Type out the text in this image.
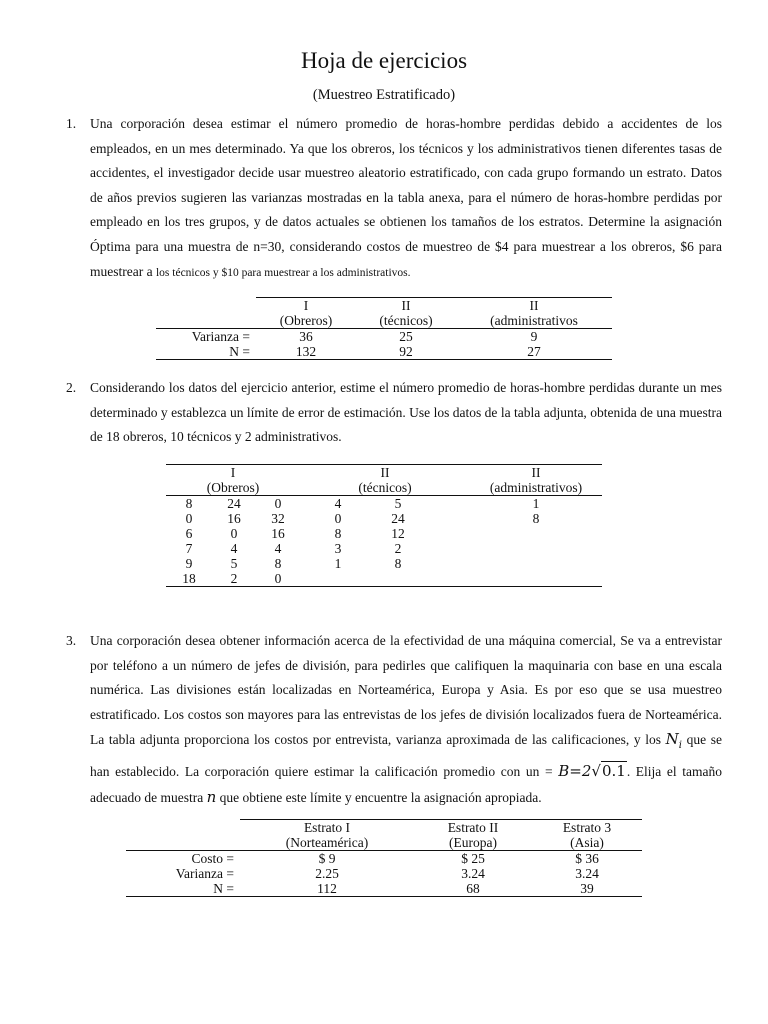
Hoja de ejercicios
(Muestreo Estratificado)
1. Una corporación desea estimar el número promedio de horas-hombre perdidas debido a accidentes de los empleados, en un mes determinado. Ya que los obreros, los técnicos y los administrativos tienen diferentes tasas de accidentes, el investigador decide usar muestreo aleatorio estratificado, con cada grupo formando un estrato. Datos de años previos sugieren las varianzas mostradas en la tabla anexa, para el número de horas-hombre perdidas por empleado en los tres grupos, y de datos actuales se obtienen los tamaños de los estratos. Determine la asignación Óptima para una muestra de n=30, considerando costos de muestreo de $4 para muestrear a los obreros, $6 para muestrear a los técnicos y $10 para muestrear a los administrativos.
	I	II	II
	(Obreros)	(técnicos)	(administrativos
Varianza =	36	25	9
N =	132	92	27
2. Considerando los datos del ejercicio anterior, estime el número promedio de horas-hombre perdidas durante un mes determinado y establezca un límite de error de estimación. Use los datos de la tabla adjunta, obtenida de una muestra de 18 obreros, 10 técnicos y 2 administrativos.
I			II			II
(Obreros)			(técnicos)			(administrativos)
8	24	0	4	5		1
0	16	32	0	24		8
6	0	16	8	12		
7	4	4	3	2		
9	5	8	1	8		
18	2	0				
3. Una corporación desea obtener información acerca de la efectividad de una máquina comercial, Se va a entrevistar por teléfono a un número de jefes de división, para pedirles que califiquen la maquinaria con base en una escala numérica. Las divisiones están localizadas en Norteamérica, Europa y Asia. Es por eso que se usa muestreo estratificado. Los costos son mayores para las entrevistas de los jefes de división localizados fuera de Norteamérica. La tabla adjunta proporciona los costos por entrevista, varianza aproximada de las calificaciones, y los $N_i$ que se han establecido. La corporación quiere estimar la calificación promedio con un = B=2√0.1. Elija el tamaño adecuado de muestra n que obtiene este límite y encuentre la asignación apropiada.
	Estrato I	Estrato II	Estrato 3
	(Norteamérica)	(Europa)	(Asia)
Costo =	$ 9	$ 25	$ 36
Varianza =	2.25	3.24	3.24
N =	112	68	39
